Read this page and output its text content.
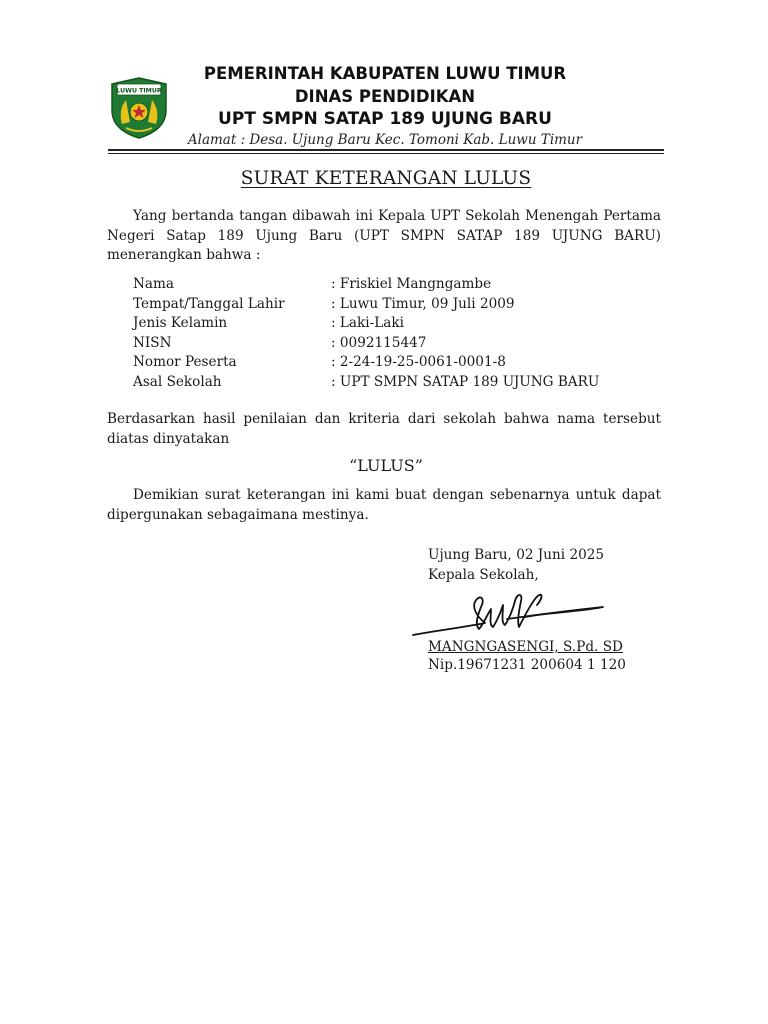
LUWU TIMUR
PEMERINTAH KABUPATEN LUWU TIMUR
DINAS PENDIDIKAN
UPT SMPN SATAP 189 UJUNG BARU
Alamat : Desa. Ujung Baru Kec. Tomoni Kab. Luwu Timur
SURAT KETERANGAN LULUS
Yang bertanda tangan dibawah ini Kepala UPT Sekolah Menengah Pertama Negeri Satap 189 Ujung Baru (UPT SMPN SATAP 189 UJUNG BARU) menerangkan bahwa :
Nama	: Friskiel Mangngambe
Tempat/Tanggal Lahir	: Luwu Timur, 09 Juli 2009
Jenis Kelamin	: Laki-Laki
NISN	: 0092115447
Nomor Peserta	: 2-24-19-25-0061-0001-8
Asal Sekolah	: UPT SMPN SATAP 189 UJUNG BARU
Berdasarkan hasil penilaian dan kriteria dari sekolah bahwa nama tersebut diatas dinyatakan
“LULUS”
Demikian surat keterangan ini kami buat dengan sebenarnya untuk dapat dipergunakan sebagaimana mestinya.
Ujung Baru, 02 Juni 2025
Kepala Sekolah,
MANGNGASENGI, S.Pd. SD
Nip.19671231 200604 1 120
